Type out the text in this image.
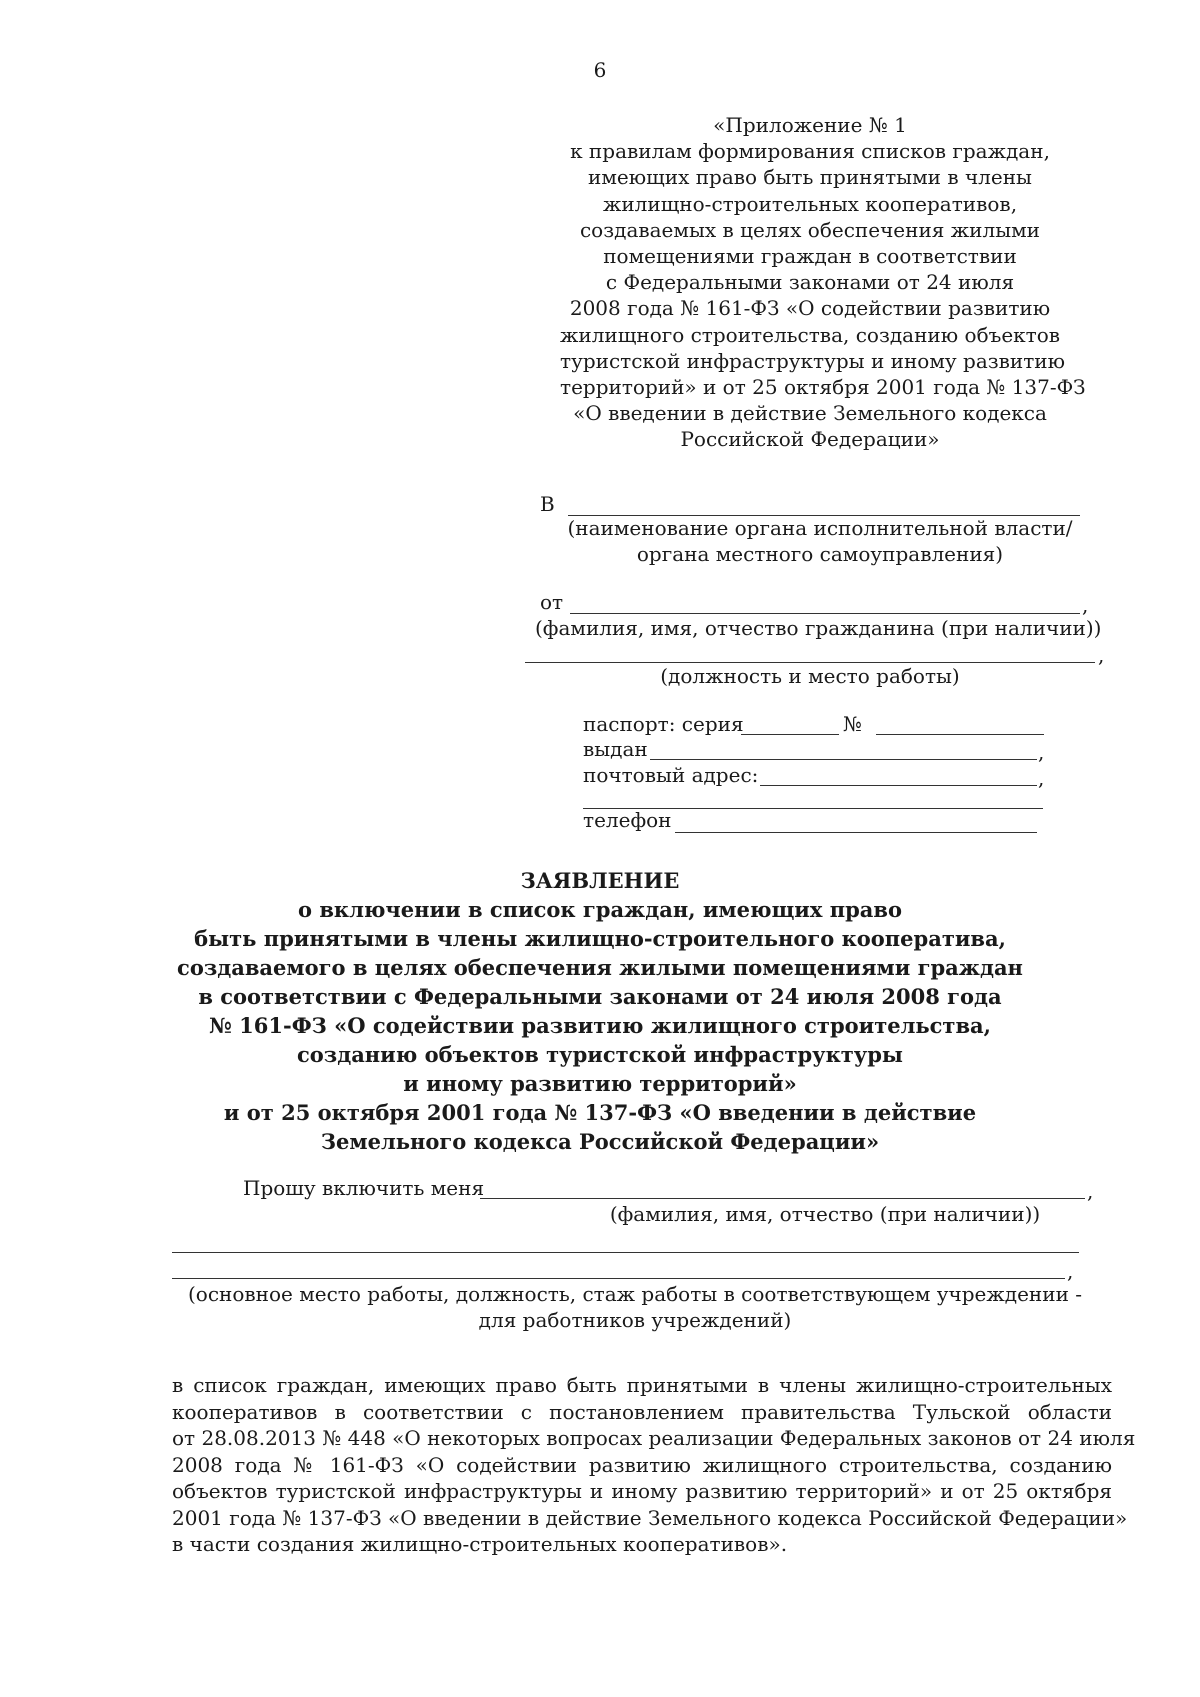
6
«Приложение № 1
к правилам формирования списков граждан,
имеющих право быть принятыми в члены
жилищно-строительных кооперативов,
создаваемых в целях обеспечения жилыми
помещениями граждан в соответствии
с Федеральными законами от 24 июля
2008 года № 161-ФЗ «О содействии развитию
жилищного строительства, созданию объектов
туристской инфраструктуры и иному развитию
территорий» и от 25 октября 2001 года № 137-ФЗ
«О введении в действие Земельного кодекса
Российской Федерации»
В
(наименование органа исполнительной власти/
органа местного самоуправления)
от	,
(фамилия, имя, отчество гражданина (при наличии))
,
(должность и место работы)
паспорт: серия	№
выдан	,
почтовый адрес:	,
телефон
ЗАЯВЛЕНИЕ
о включении в список граждан, имеющих право
быть принятыми в члены жилищно-строительного кооператива,
создаваемого в целях обеспечения жилыми помещениями граждан
в соответствии с Федеральными законами от 24 июля 2008 года
№ 161-ФЗ «О содействии развитию жилищного строительства,
созданию объектов туристской инфраструктуры
и иному развитию территорий»
и от 25 октября 2001 года № 137-ФЗ «О введении в действие
Земельного кодекса Российской Федерации»
Прошу включить меня	,
(фамилия, имя, отчество (при наличии))
,
(основное место работы, должность, стаж работы в соответствующем учреждении -
для работников учреждений)
в список граждан, имеющих право быть принятыми в члены жилищно-строительных
кооперативов в соответствии с постановлением правительства Тульской области
от 28.08.2013 № 448 «О некоторых вопросах реализации Федеральных законов от 24 июля
2008 года № 161-ФЗ «О содействии развитию жилищного строительства, созданию
объектов туристской инфраструктуры и иному развитию территорий» и от 25 октября
2001 года № 137-ФЗ «О введении в действие Земельного кодекса Российской Федерации»
в части создания жилищно-строительных кооперативов».
